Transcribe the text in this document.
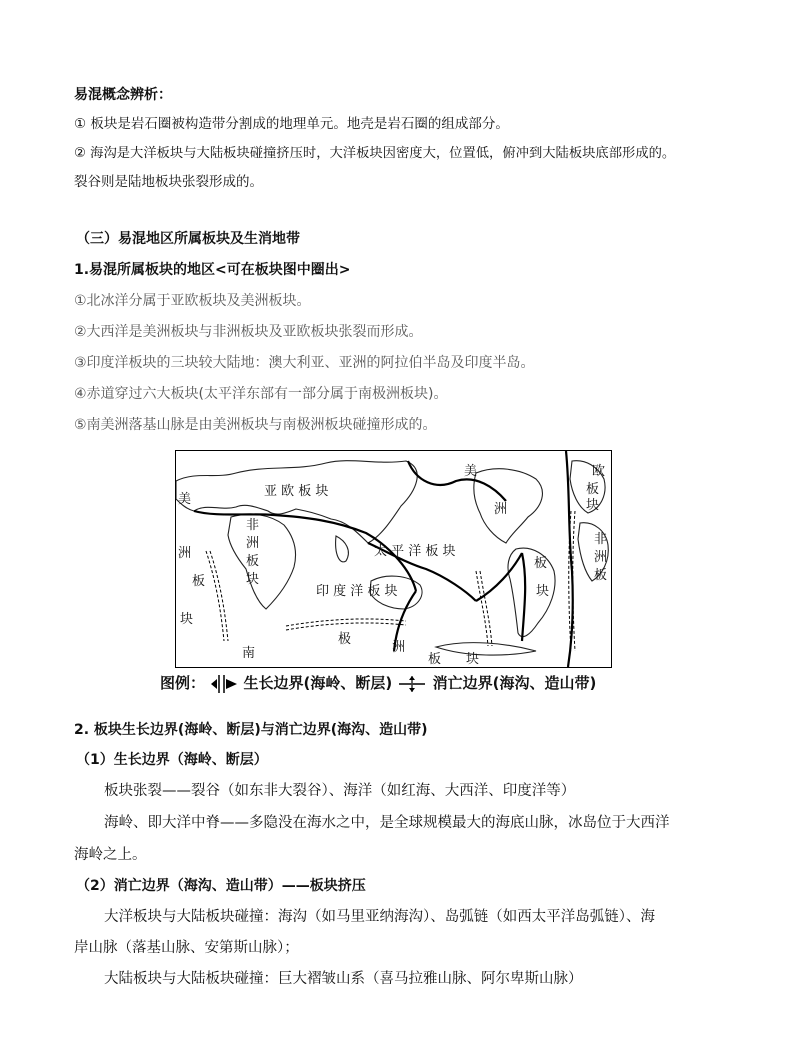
易混概念辨析：
① 板块是岩石圈被构造带分割成的地理单元。地壳是岩石圈的组成部分。
② 海沟是大洋板块与大陆板块碰撞挤压时，大洋板块因密度大，位置低，俯冲到大陆板块底部形成的。
裂谷则是陆地板块张裂形成的。
（三）易混地区所属板块及生消地带
1.易混所属板块的地区<可在板块图中圈出>
①北冰洋分属于亚欧板块及美洲板块。
②大西洋是美洲板块与非洲板块及亚欧板块张裂而形成。
③印度洋板块的三块较大陆地：澳大利亚、亚洲的阿拉伯半岛及印度半岛。
④赤道穿过六大板块(太平洋东部有一部分属于南极洲板块)。
⑤南美洲落基山脉是由美洲板块与南极洲板块碰撞形成的。
亚 欧 板 块
非
洲
板
块
太 平 洋 板 块
印 度 洋 板 块
美
洲
板
块
南
极
洲
板 块
美
洲
板
块
欧
板
块
非
洲
板
图例：	生长边界(海岭、断层)	消亡边界(海沟、造山带)
2. 板块生长边界(海岭、断层)与消亡边界(海沟、造山带)
（1）生长边界（海岭、断层）
板块张裂——裂谷（如东非大裂谷）、海洋（如红海、大西洋、印度洋等）
海岭、即大洋中脊——多隐没在海水之中，是全球规模最大的海底山脉，冰岛位于大西洋
海岭之上。
（2）消亡边界（海沟、造山带）——板块挤压
大洋板块与大陆板块碰撞：海沟（如马里亚纳海沟）、岛弧链（如西太平洋岛弧链）、海
岸山脉（落基山脉、安第斯山脉）；
大陆板块与大陆板块碰撞：巨大褶皱山系（喜马拉雅山脉、阿尔卑斯山脉）
